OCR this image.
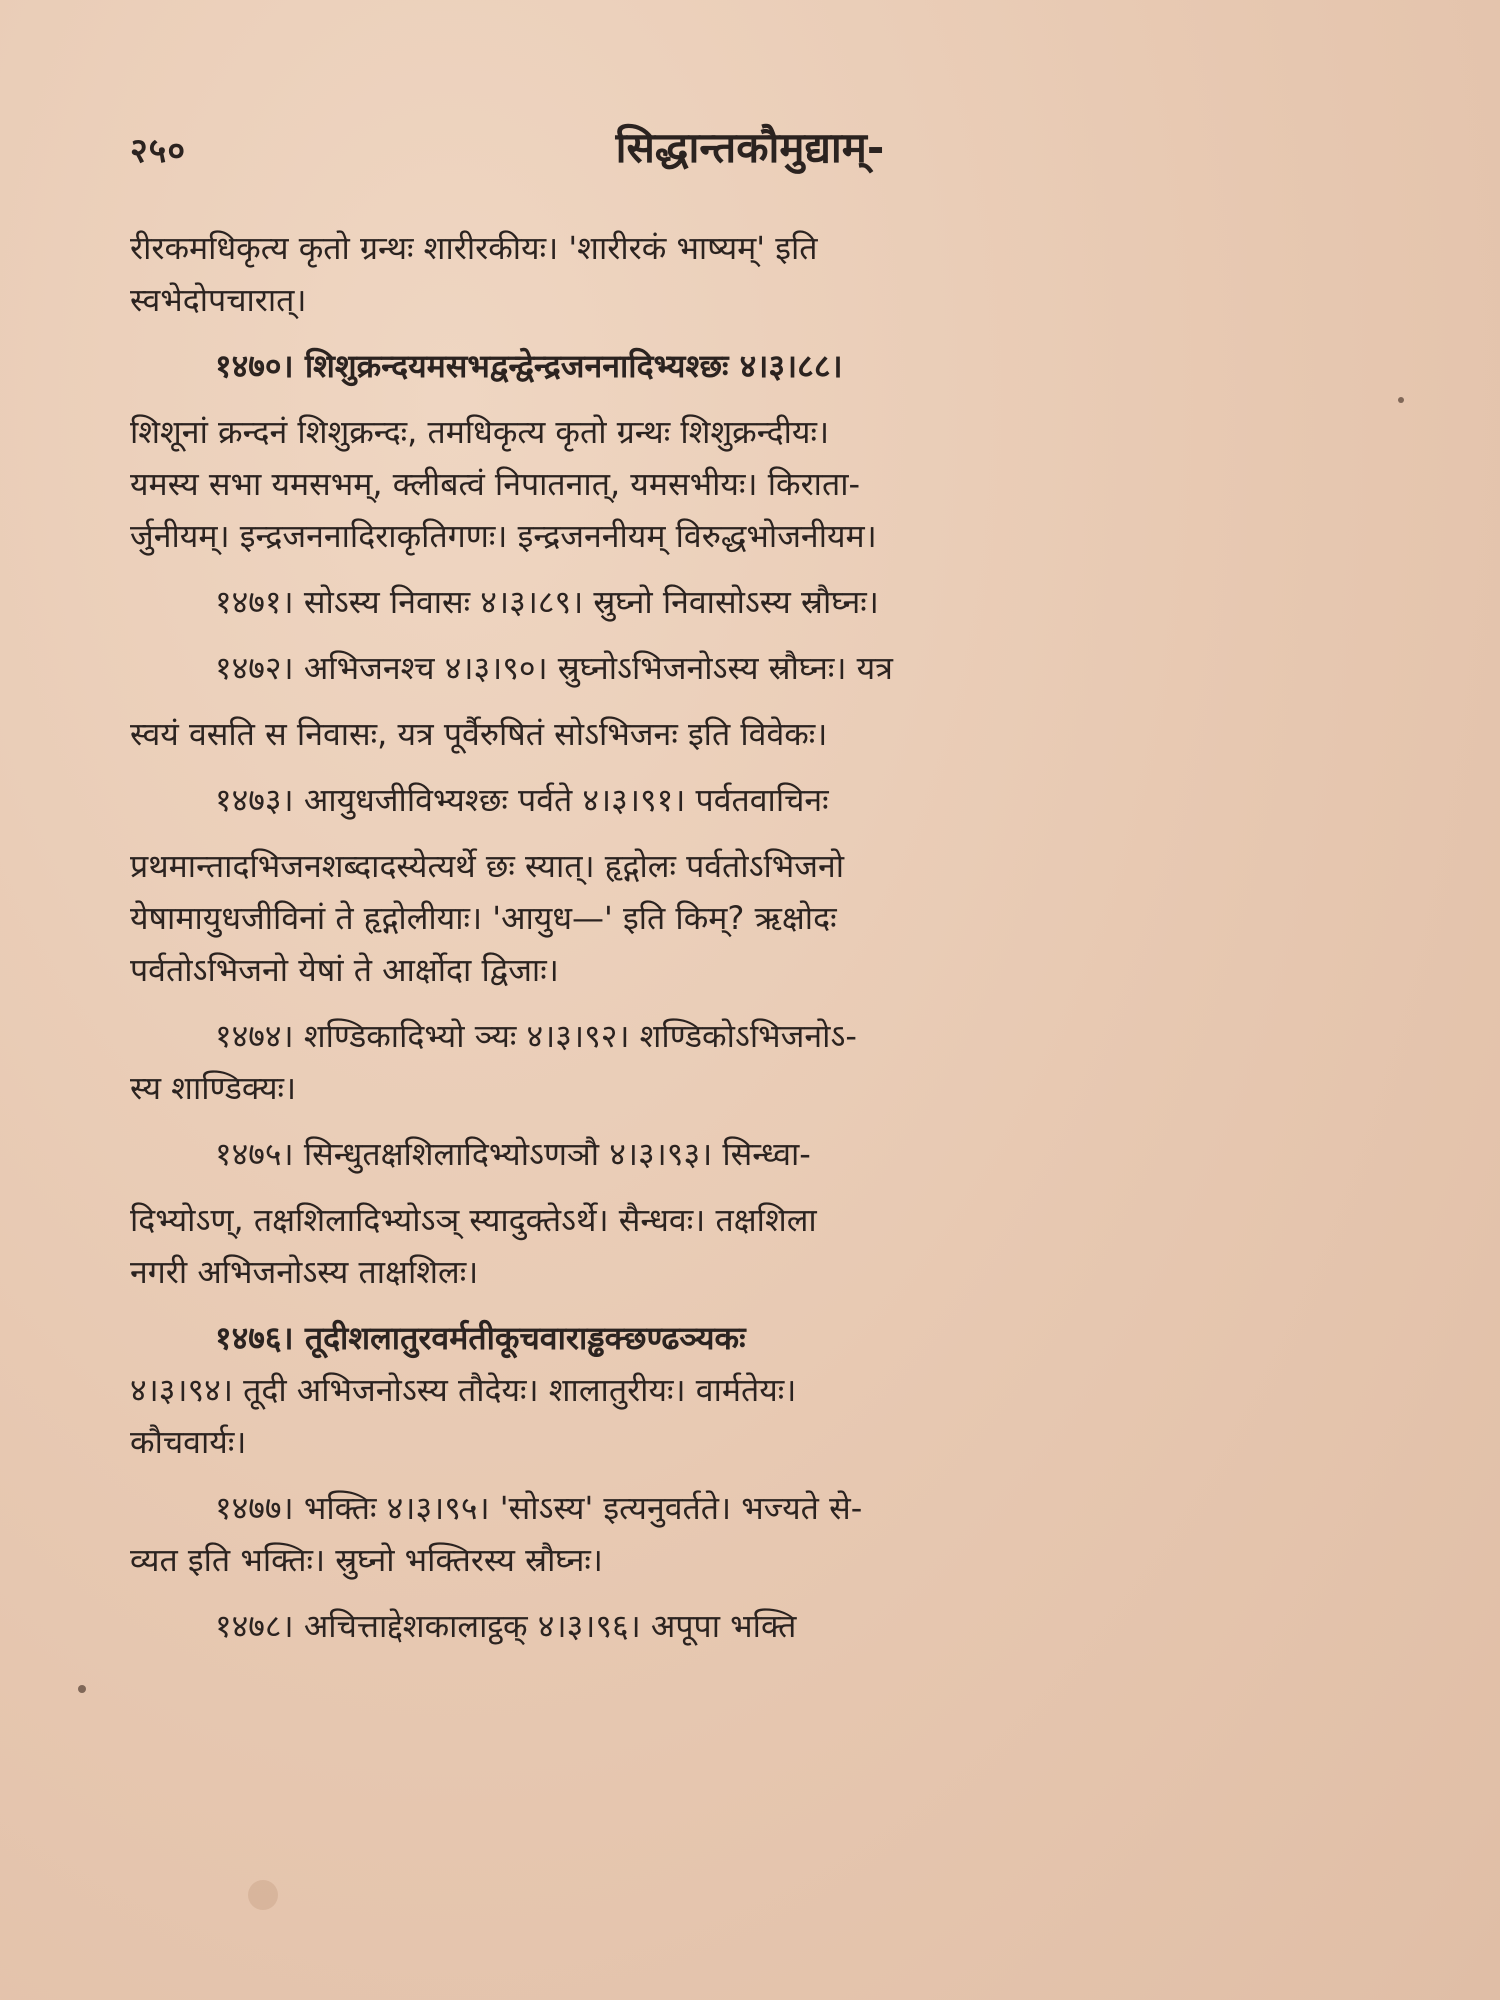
२५०	सिद्धान्तकौमुद्याम्-
रीरकमधिकृत्य कृतो ग्रन्थः शारीरकीयः। 'शारीरकं भाष्यम्' इति
स्वभेदोपचारात्।
१४७०। शिशुक्रन्दयमसभद्वन्द्वेन्द्रजननादिभ्यश्छः ४।३।८८।
शिशूनां क्रन्दनं शिशुक्रन्दः, तमधिकृत्य कृतो ग्रन्थः शिशुक्रन्दीयः।
यमस्य सभा यमसभम्, क्लीबत्वं निपातनात्, यमसभीयः। किराता-
र्जुनीयम्। इन्द्रजननादिराकृतिगणः। इन्द्रजननीयम् विरुद्धभोजनीयम।
१४७१। सोऽस्य निवासः ४।३।८९। स्रुघ्नो निवासोऽस्य स्रौघ्नः।
१४७२। अभिजनश्च ४।३।९०। स्रुघ्नोऽभिजनोऽस्य स्रौघ्नः। यत्र
स्वयं वसति स निवासः, यत्र पूर्वैरुषितं सोऽभिजनः इति विवेकः।
१४७३। आयुधजीविभ्यश्छः पर्वते ४।३।९१। पर्वतवाचिनः
प्रथमान्तादभिजनशब्दादस्येत्यर्थे छः स्यात्। हृद्गोलः पर्वतोऽभिजनो
येषामायुधजीविनां ते हृद्गोलीयाः। 'आयुध—' इति किम्? ऋक्षोदः
पर्वतोऽभिजनो येषां ते आर्क्षोदा द्विजाः।
१४७४। शण्डिकादिभ्यो ञ्यः ४।३।९२। शण्डिकोऽभिजनोऽ-
स्य शाण्डिक्यः।
१४७५। सिन्धुतक्षशिलादिभ्योऽणञौ ४।३।९३। सिन्ध्वा-
दिभ्योऽण्, तक्षशिलादिभ्योऽञ् स्यादुक्तेऽर्थे। सैन्धवः। तक्षशिला
नगरी अभिजनोऽस्य ताक्षशिलः।
१४७६। तूदीशलातुरवर्मतीकूचवाराड्ढक्छण्ढञ्यकः
४।३।९४। तूदी अभिजनोऽस्य तौदेयः। शालातुरीयः। वार्मतेयः।
कौचवार्यः।
१४७७। भक्तिः ४।३।९५। 'सोऽस्य' इत्यनुवर्तते। भज्यते से-
व्यत इति भक्तिः। स्रुघ्नो भक्तिरस्य स्रौघ्नः।
१४७८। अचित्ताद्देशकालाट्ठक् ४।३।९६। अपूपा भक्ति
